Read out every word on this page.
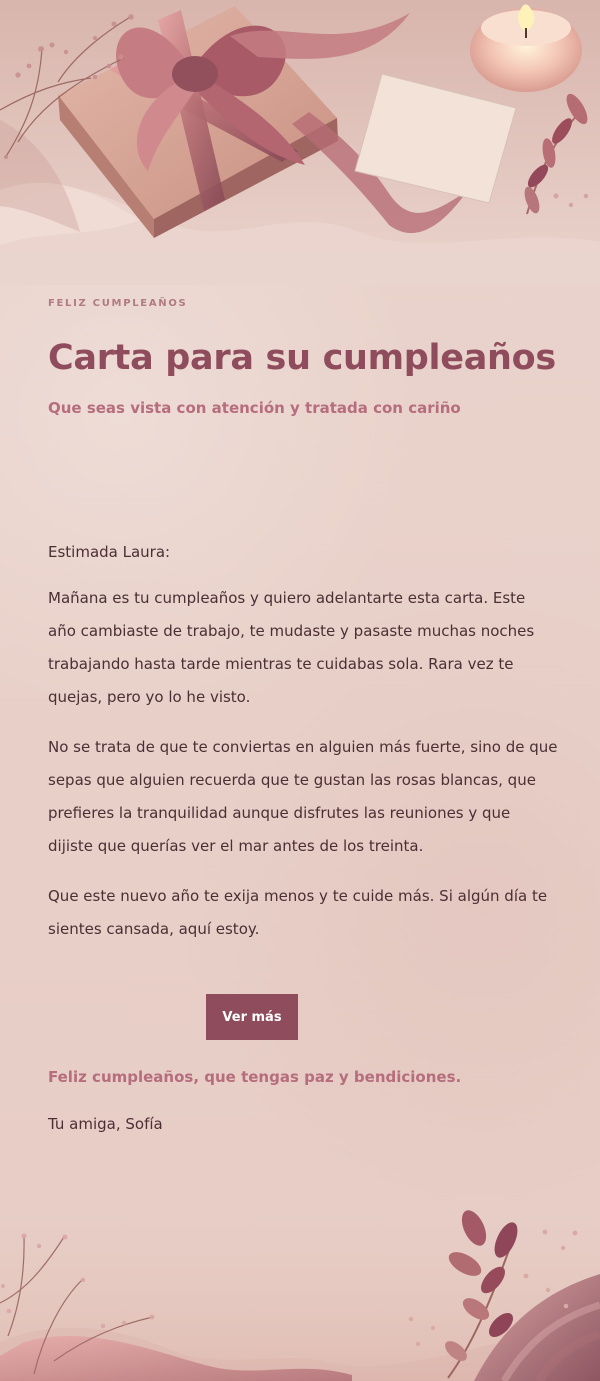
FELIZ CUMPLEAÑOS

Carta para su cumpleaños

Que seas vista con atención y tratada con cariño

Estimada Laura:

Mañana es tu cumpleaños y quiero adelantarte esta carta. Este año cambiaste de trabajo, te mudaste y pasaste muchas noches trabajando hasta tarde mientras te cuidabas sola. Rara vez te quejas, pero yo lo he visto.

No se trata de que te conviertas en alguien más fuerte, sino de que sepas que alguien recuerda que te gustan las rosas blancas, que prefieres la tranquilidad aunque disfrutes las reuniones y que dijiste que querías ver el mar antes de los treinta.

Que este nuevo año te exija menos y te cuide más. Si algún día te sientes cansada, aquí estoy.

Ver más

Feliz cumpleaños, que tengas paz y bendiciones.

Tu amiga, Sofía
